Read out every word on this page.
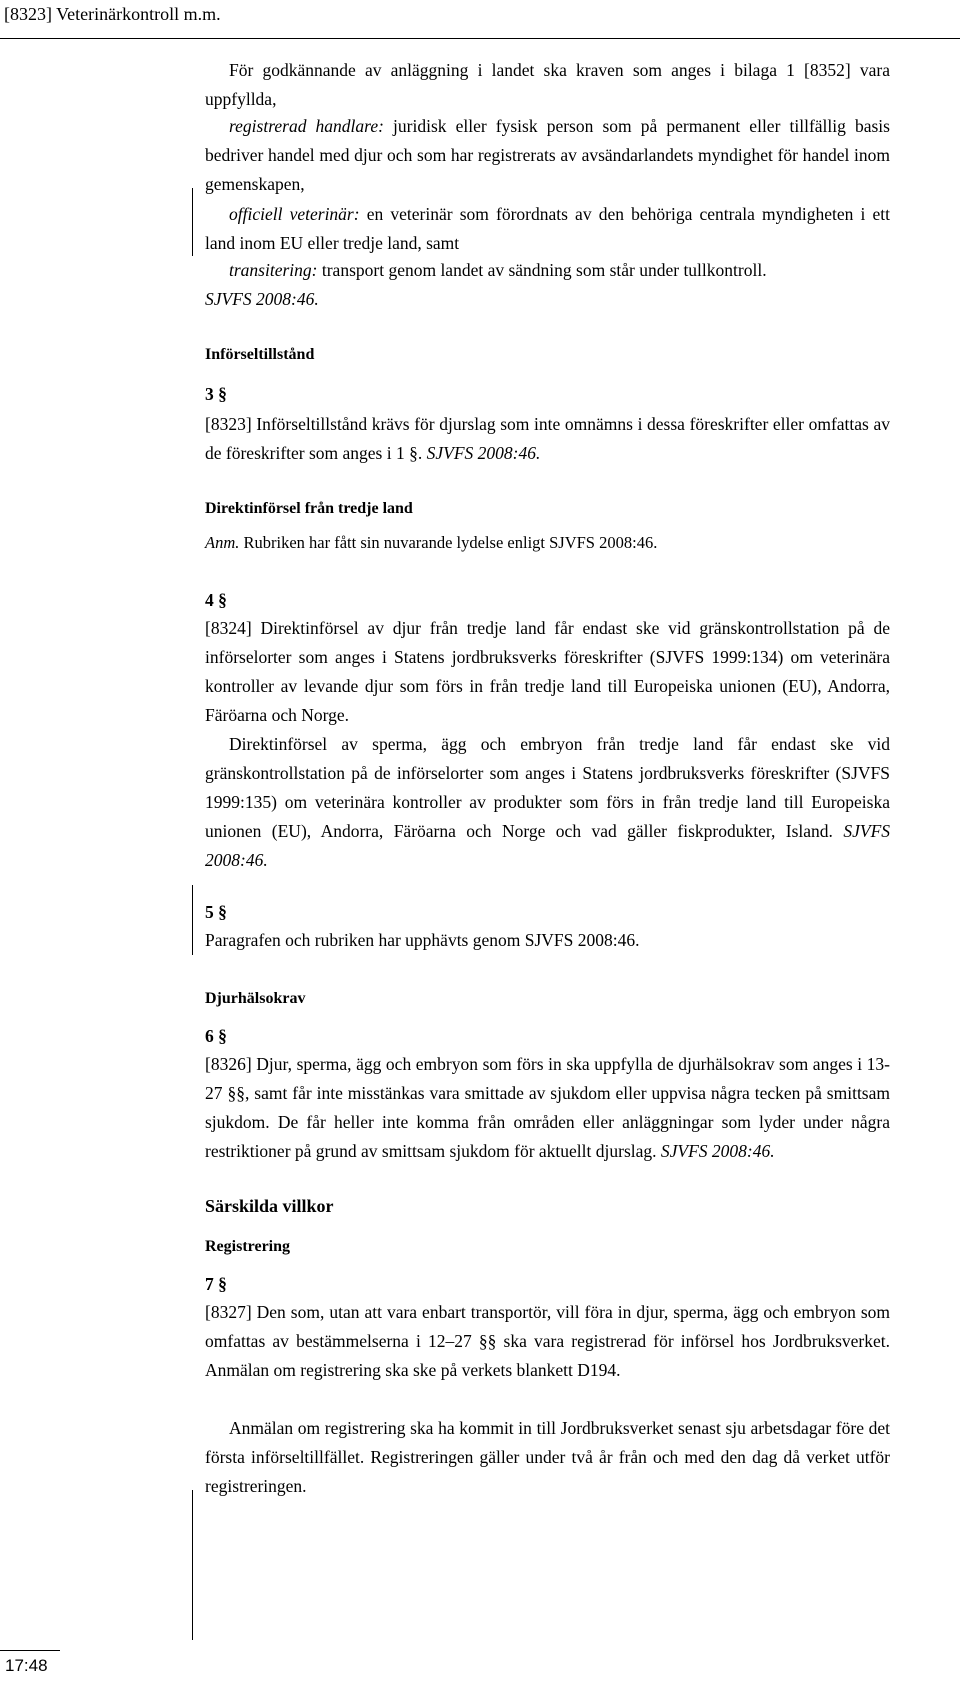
[8323] Veterinärkontroll m.m.
För godkännande av anläggning i landet ska kraven som anges i bilaga 1 [8352] vara uppfyllda,
registrerad handlare: juridisk eller fysisk person som på permanent eller tillfällig basis bedriver handel med djur och som har registrerats av avsändarlandets myndighet för handel inom gemenskapen,
officiell veterinär: en veterinär som förordnats av den behöriga centrala myndigheten i ett land inom EU eller tredje land, samt
transitering: transport genom landet av sändning som står under tullkontroll.
SJVFS 2008:46.
Införseltillstånd
3 §
[8323] Införseltillstånd krävs för djurslag som inte omnämns i dessa föreskrifter eller omfattas av de föreskrifter som anges i 1 §. SJVFS 2008:46.
Direktinförsel från tredje land
Anm. Rubriken har fått sin nuvarande lydelse enligt SJVFS 2008:46.
4 §
[8324] Direktinförsel av djur från tredje land får endast ske vid gränskontrollstation på de införselorter som anges i Statens jordbruksverks föreskrifter (SJVFS 1999:134) om veterinära kontroller av levande djur som förs in från tredje land till Europeiska unionen (EU), Andorra, Färöarna och Norge.
Direktinförsel av sperma, ägg och embryon från tredje land får endast ske vid gränskontrollstation på de införselorter som anges i Statens jordbruksverks föreskrifter (SJVFS 1999:135) om veterinära kontroller av produkter som förs in från tredje land till Europeiska unionen (EU), Andorra, Färöarna och Norge och vad gäller fiskprodukter, Island. SJVFS 2008:46.
5 §
Paragrafen och rubriken har upphävts genom SJVFS 2008:46.
Djurhälsokrav
6 §
[8326] Djur, sperma, ägg och embryon som förs in ska uppfylla de djurhälsokrav som anges i 13-27 §§, samt får inte misstänkas vara smittade av sjukdom eller uppvisa några tecken på smittsam sjukdom. De får heller inte komma från områden eller anläggningar som lyder under några restriktioner på grund av smittsam sjukdom för aktuellt djurslag. SJVFS 2008:46.
Särskilda villkor
Registrering
7 §
[8327] Den som, utan att vara enbart transportör, vill föra in djur, sperma, ägg och embryon som omfattas av bestämmelserna i 12–27 §§ ska vara registrerad för införsel hos Jordbruksverket. Anmälan om registrering ska ske på verkets blankett D194.
Anmälan om registrering ska ha kommit in till Jordbruksverket senast sju arbetsdagar före det första införseltillfället. Registreringen gäller under två år från och med den dag då verket utför registreringen.
17:48
